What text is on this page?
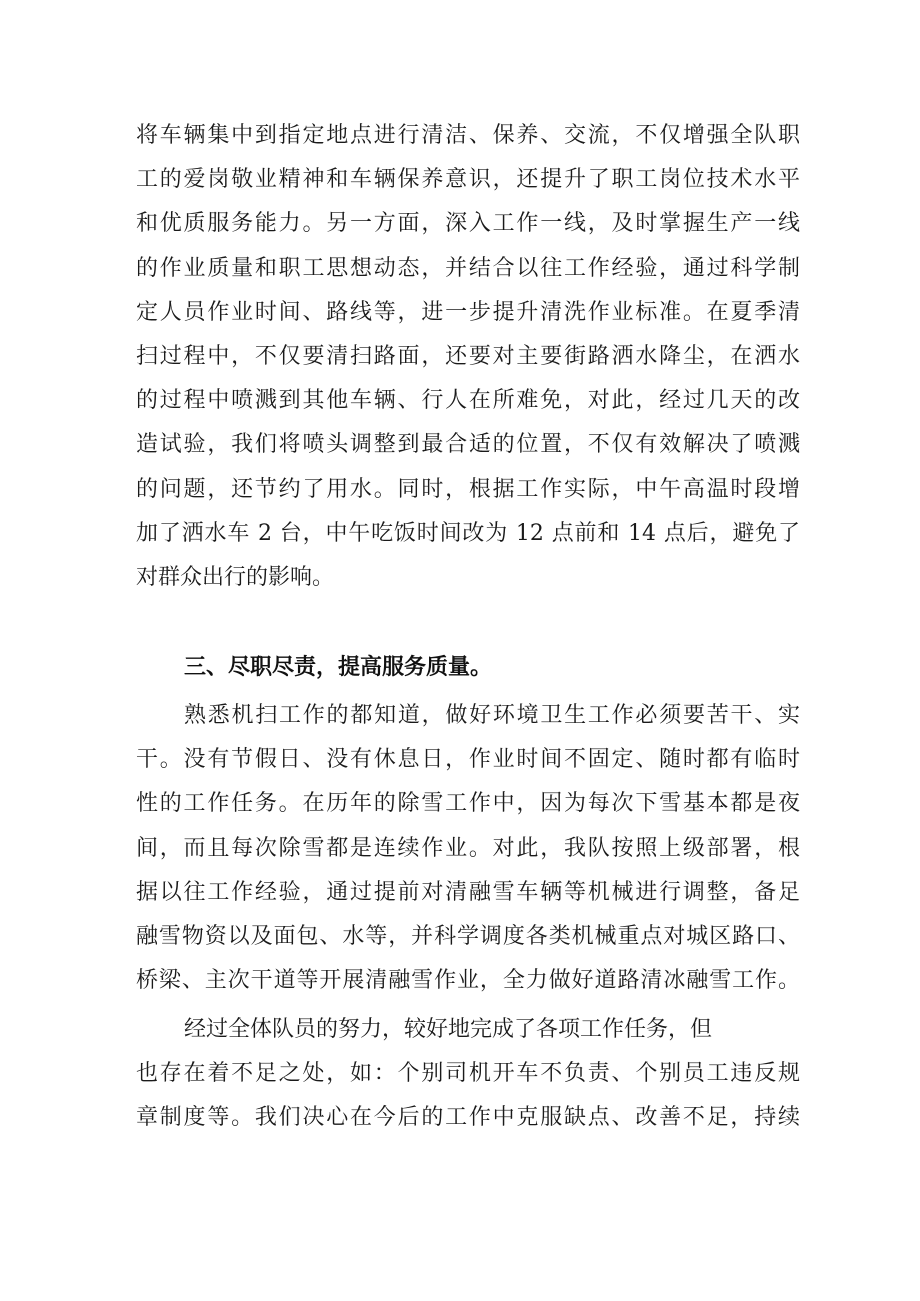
将车辆集中到指定地点进行清洁、保养、交流，不仅增强全队职
工的爱岗敬业精神和车辆保养意识，还提升了职工岗位技术水平
和优质服务能力。另一方面，深入工作一线，及时掌握生产一线
的作业质量和职工思想动态，并结合以往工作经验，通过科学制
定人员作业时间、路线等，进一步提升清洗作业标准。在夏季清
扫过程中，不仅要清扫路面，还要对主要街路洒水降尘，在洒水
的过程中喷溅到其他车辆、行人在所难免，对此，经过几天的改
造试验，我们将喷头调整到最合适的位置，不仅有效解决了喷溅
的问题，还节约了用水。同时，根据工作实际，中午高温时段增
加了洒水车 2 台，中午吃饭时间改为 12 点前和 14 点后，避免了
对群众出行的影响。
三、尽职尽责，提高服务质量。
熟悉机扫工作的都知道，做好环境卫生工作必须要苦干、实
干。没有节假日、没有休息日，作业时间不固定、随时都有临时
性的工作任务。在历年的除雪工作中，因为每次下雪基本都是夜
间，而且每次除雪都是连续作业。对此，我队按照上级部署，根
据以往工作经验，通过提前对清融雪车辆等机械进行调整，备足
融雪物资以及面包、水等，并科学调度各类机械重点对城区路口、
桥梁、主次干道等开展清融雪作业，全力做好道路清冰融雪工作。
经过全体队员的努力，较好地完成了各项工作任务，但
也存在着不足之处，如：个别司机开车不负责、个别员工违反规
章制度等。我们决心在今后的工作中克服缺点、改善不足，持续
